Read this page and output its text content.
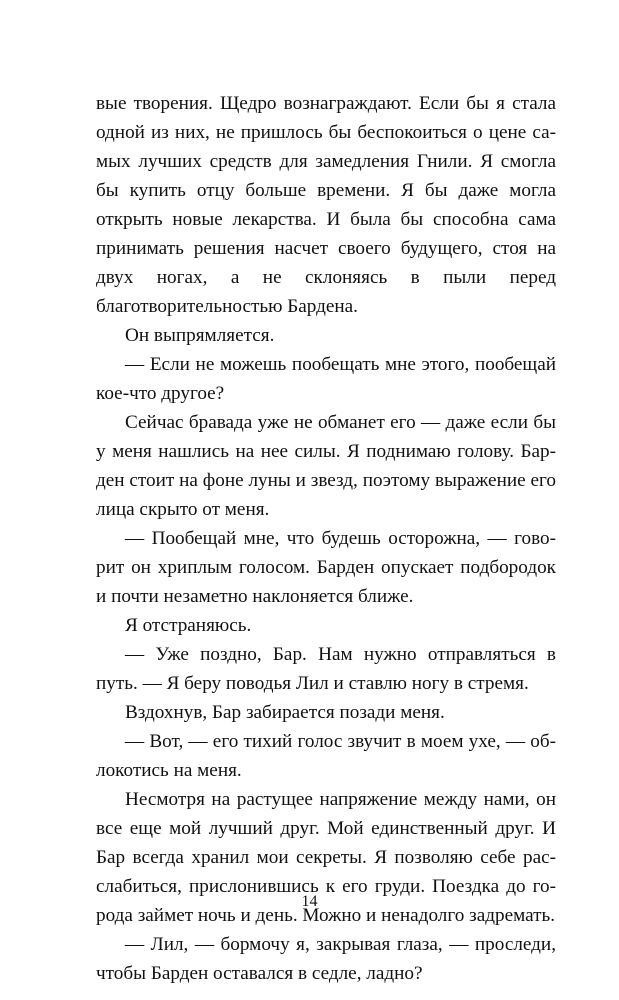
вые творения. Щедро вознаграждают. Если бы я стала одной из них, не пришлось бы беспокоиться о цене самых лучших средств для замедления Гнили. Я смогла бы купить отцу больше времени. Я бы даже могла открыть новые лекарства. И была бы способна сама принимать решения насчет своего будущего, стоя на двух ногах, а не склоняясь в пыли перед благотворительностью Бардена.

Он выпрямляется.

— Если не можешь пообещать мне этого, пообещай кое-что другое?

Сейчас бравада уже не обманет его — даже если бы у меня нашлись на нее силы. Я поднимаю голову. Барден стоит на фоне луны и звезд, поэтому выражение его лица скрыто от меня.

— Пообещай мне, что будешь осторожна, — говорит он хриплым голосом. Барден опускает подбородок и почти незаметно наклоняется ближе.

Я отстраняюсь.

— Уже поздно, Бар. Нам нужно отправляться в путь. — Я беру поводья Лил и ставлю ногу в стремя.

Вздохнув, Бар забирается позади меня.

— Вот, — его тихий голос звучит в моем ухе, — облокотись на меня.

Несмотря на растущее напряжение между нами, он все еще мой лучший друг. Мой единственный друг. И Бар всегда хранил мои секреты. Я позволяю себе расслабиться, прислонившись к его груди. Поездка до города займет ночь и день. Можно и ненадолго задремать.

— Лил, — бормочу я, закрывая глаза, — проследи, чтобы Барден оставался в седле, ладно?

14
